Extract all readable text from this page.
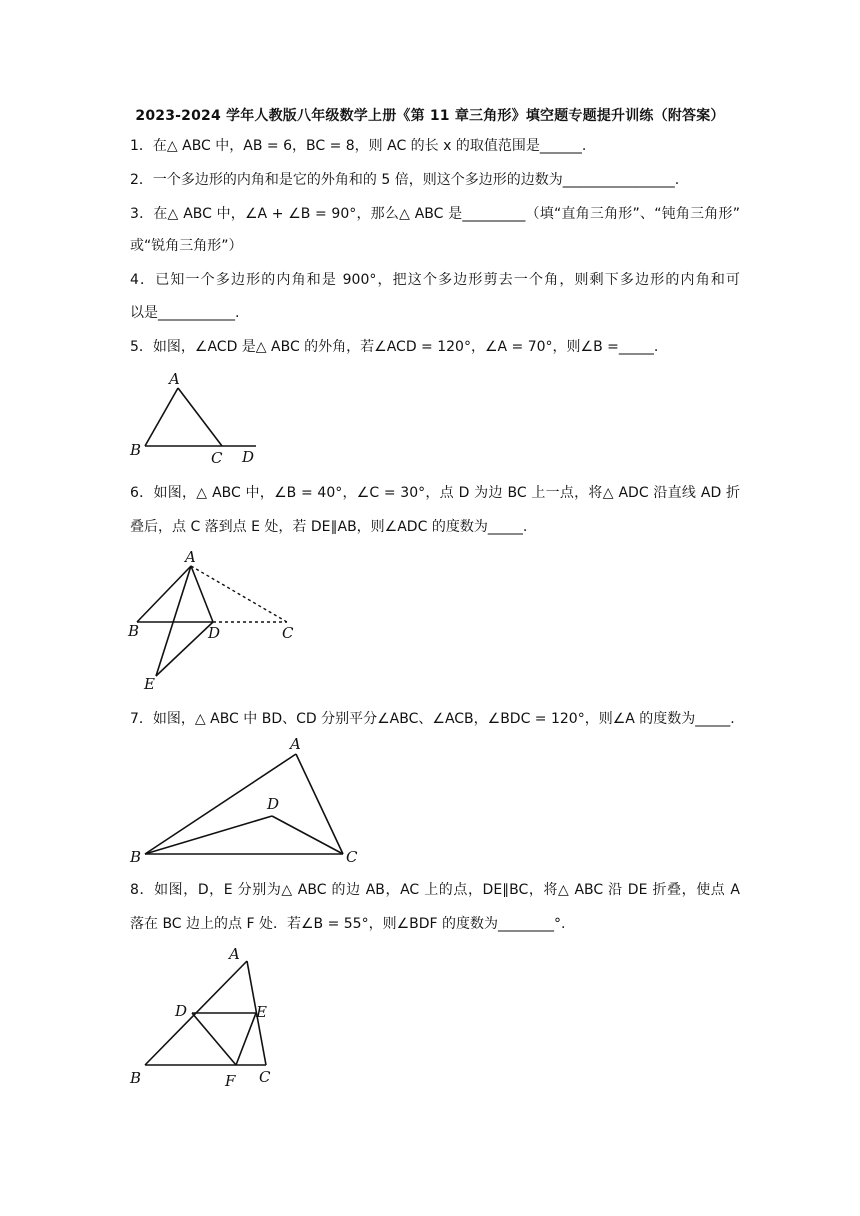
2023-2024 学年人教版八年级数学上册《第 11 章三角形》填空题专题提升训练（附答案）
1．在△ ABC 中，AB = 6，BC = 8，则 AC 的长 x 的取值范围是______.
2．一个多边形的内角和是它的外角和的 5 倍，则这个多边形的边数为________________.
3．在△ ABC 中，∠A + ∠B = 90°，那么△ ABC 是_________（填“直角三角形”、“钝角三角形”
或“锐角三角形”）
4．已知一个多边形的内角和是 900°，把这个多边形剪去一个角，则剩下多边形的内角和可
以是___________.
5．如图，∠ACD 是△ ABC 的外角，若∠ACD = 120°，∠A = 70°，则∠B =_____.
A
B	C D
6．如图，△ ABC 中，∠B = 40°，∠C = 30°，点 D 为边 BC 上一点，将△ ADC 沿直线 AD 折
叠后，点 C 落到点 E 处，若 DE∥AB，则∠ADC 的度数为_____.
A
B	D	C
E
7．如图，△ ABC 中 BD、CD 分别平分∠ABC、∠ACB，∠BDC = 120°，则∠A 的度数为_____.
A
D
B	C
8．如图，D，E 分别为△ ABC 的边 AB，AC 上的点，DE∥BC，将△ ABC 沿 DE 折叠，使点 A
落在 BC 边上的点 F 处．若∠B = 55°，则∠BDF 的度数为________°.
A
D	E
B	F C
